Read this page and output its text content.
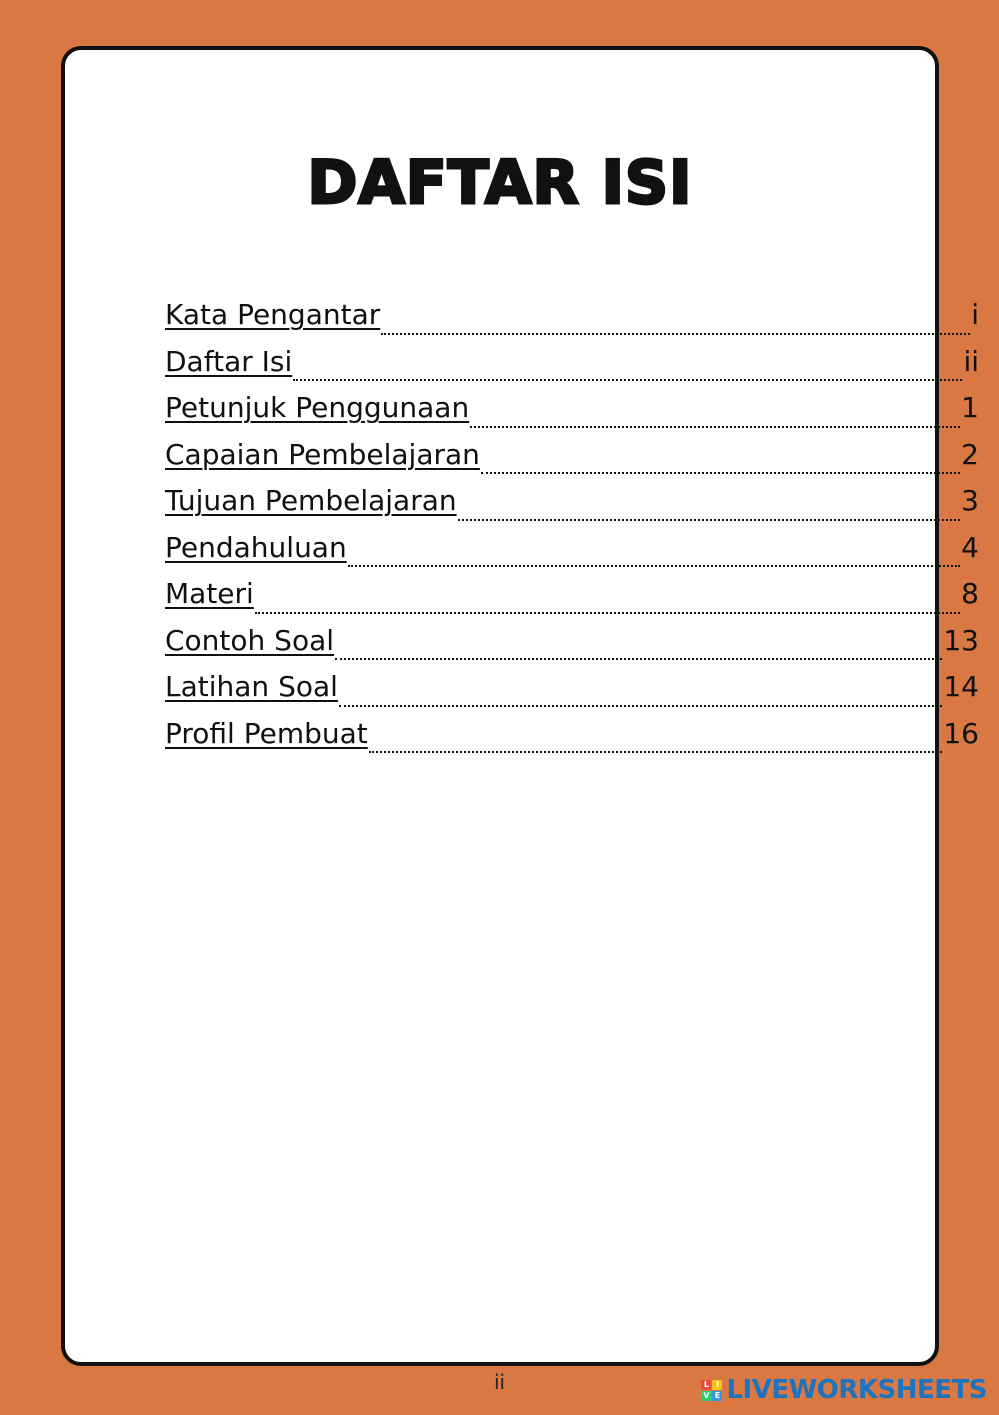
DAFTAR ISI
Kata Pengantar	i
Daftar Isi	ii
Petunjuk Penggunaan	1
Capaian Pembelajaran	2
Tujuan Pembelajaran	3
Pendahuluan	4
Materi	8
Contoh Soal	13
Latihan Soal	14
Profil Pembuat	16
ii	L I
V E LIVEWORKSHEETS
